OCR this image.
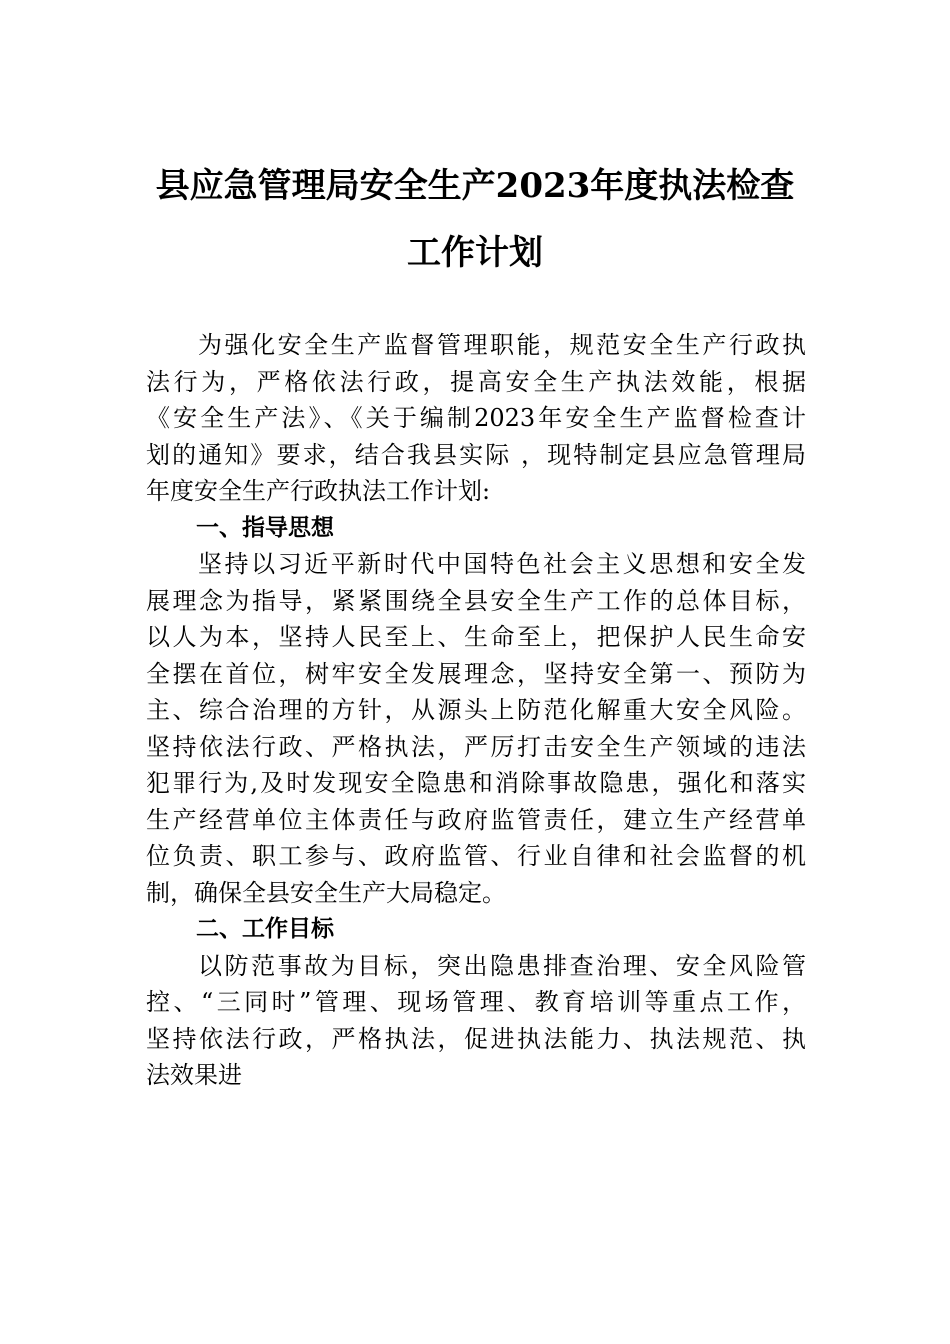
县应急管理局安全生产2023年度执法检查
工作计划
为强化安全生产监督管理职能，规范安全生产行政执
法行为，严格依法行政，提高安全生产执法效能，根据
《安全生产法》、《关于编制2023年安全生产监督检查计
划的通知》要求，结合我县实际 ，现特制定县应急管理局
年度安全生产行政执法工作计划:
一、指导思想
坚持以习近平新时代中国特色社会主义思想和安全发
展理念为指导，紧紧围绕全县安全生产工作的总体目标，
以人为本，坚持人民至上、生命至上，把保护人民生命安
全摆在首位，树牢安全发展理念，坚持安全第一、预防为
主、综合治理的方针，从源头上防范化解重大安全风险。
坚持依法行政、严格执法，严厉打击安全生产领域的违法
犯罪行为,及时发现安全隐患和消除事故隐患，强化和落实
生产经营单位主体责任与政府监管责任，建立生产经营单
位负责、职工参与、政府监管、行业自律和社会监督的机
制，确保全县安全生产大局稳定。
二、工作目标
以防范事故为目标，突出隐患排查治理、安全风险管
控、“三同时”管理、现场管理、教育培训等重点工作，
坚持依法行政，严格执法，促进执法能力、执法规范、执
法效果进
